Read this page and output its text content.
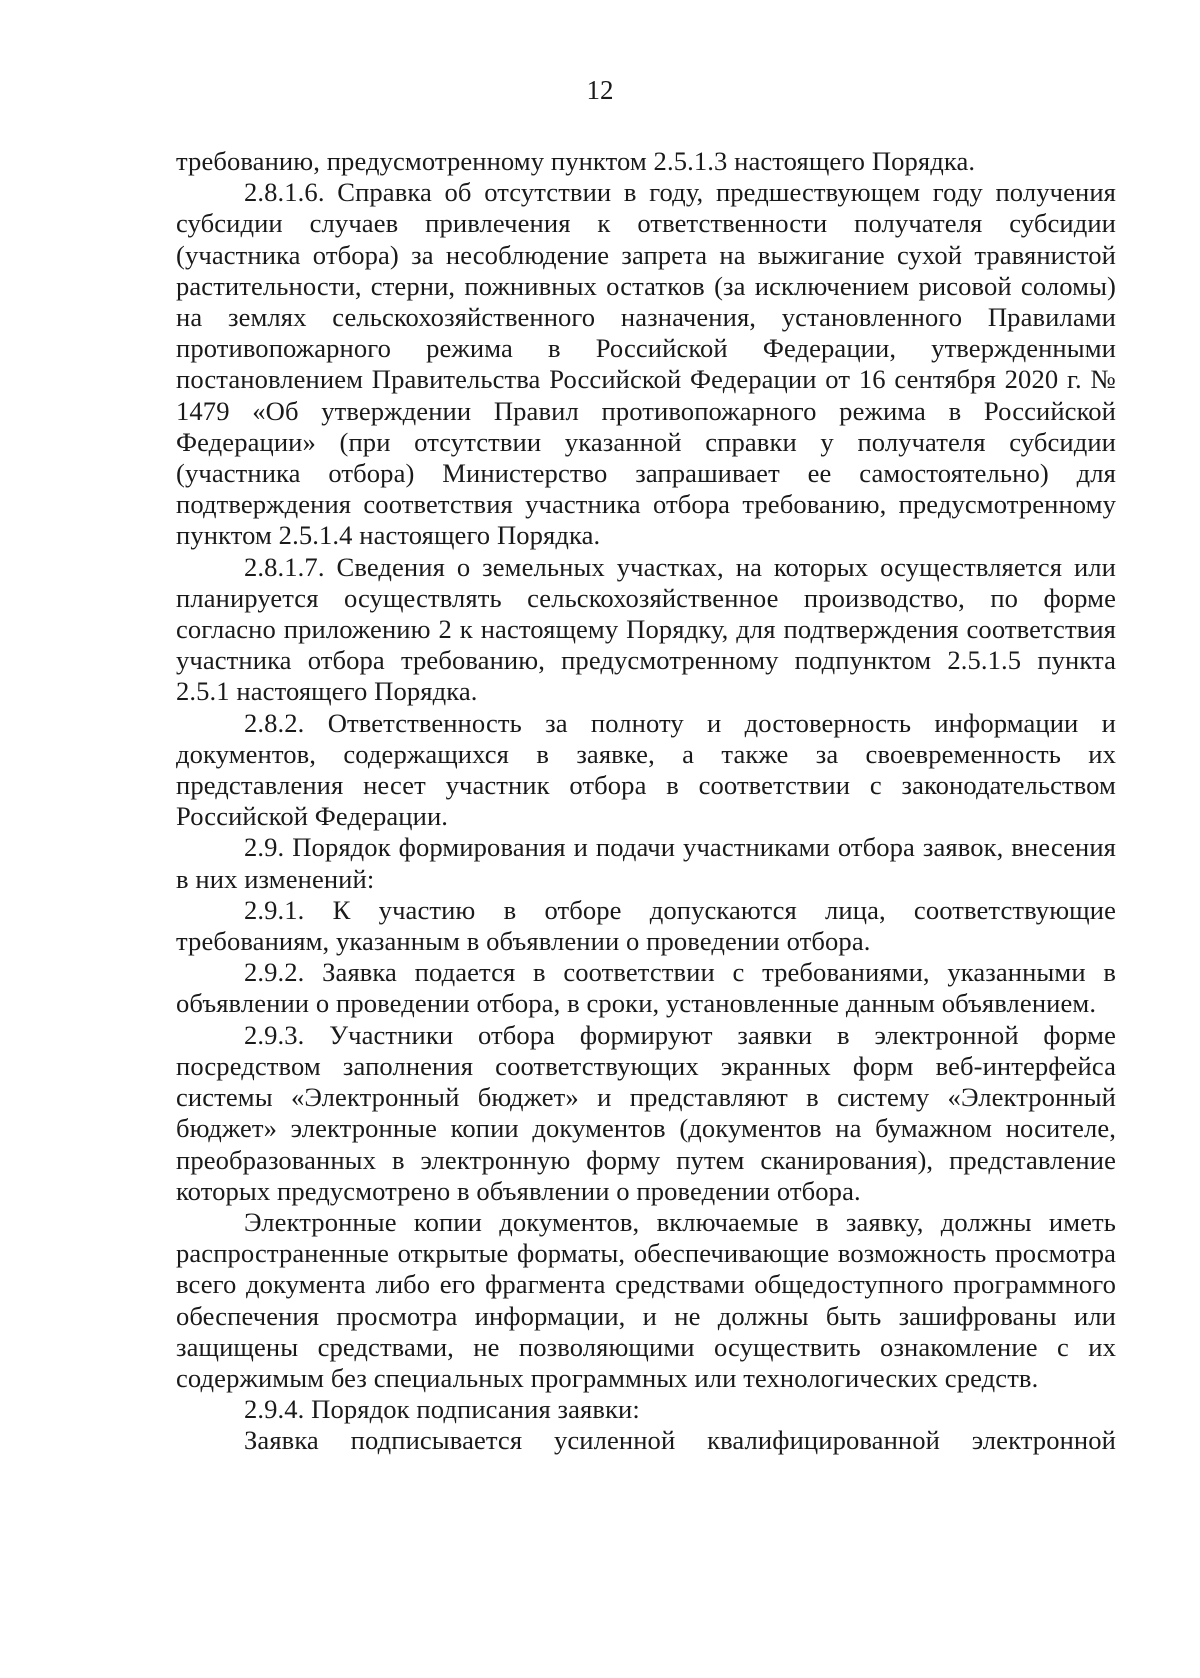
12

требованию, предусмотренному пунктом 2.5.1.3 настоящего Порядка.

2.8.1.6. Справка об отсутствии в году, предшествующем году получения субсидии случаев привлечения к ответственности получателя субсидии (участника отбора) за несоблюдение запрета на выжигание сухой травянистой растительности, стерни, пожнивных остатков (за исключением рисовой соломы) на землях сельскохозяйственного назначения, установленного Правилами противопожарного режима в Российской Федерации, утвержденными постановлением Правительства Российской Федерации от 16 сентября 2020 г. № 1479 «Об утверждении Правил противопожарного режима в Российской Федерации» (при отсутствии указанной справки у получателя субсидии (участника отбора) Министерство запрашивает ее самостоятельно) для подтверждения соответствия участника отбора требованию, предусмотренному пунктом 2.5.1.4 настоящего Порядка.

2.8.1.7. Сведения о земельных участках, на которых осуществляется или планируется осуществлять сельскохозяйственное производство, по форме согласно приложению 2 к настоящему Порядку, для подтверждения соответствия участника отбора требованию, предусмотренному подпунктом 2.5.1.5 пункта 2.5.1 настоящего Порядка.

2.8.2. Ответственность за полноту и достоверность информации и документов, содержащихся в заявке, а также за своевременность их представления несет участник отбора в соответствии с законодательством Российской Федерации.

2.9. Порядок формирования и подачи участниками отбора заявок, внесения в них изменений:

2.9.1. К участию в отборе допускаются лица, соответствующие требованиям, указанным в объявлении о проведении отбора.

2.9.2. Заявка подается в соответствии с требованиями, указанными в объявлении о проведении отбора, в сроки, установленные данным объявлением.

2.9.3. Участники отбора формируют заявки в электронной форме посредством заполнения соответствующих экранных форм веб-интерфейса системы «Электронный бюджет» и представляют в систему «Электронный бюджет» электронные копии документов (документов на бумажном носителе, преобразованных в электронную форму путем сканирования), представление которых предусмотрено в объявлении о проведении отбора.

Электронные копии документов, включаемые в заявку, должны иметь распространенные открытые форматы, обеспечивающие возможность просмотра всего документа либо его фрагмента средствами общедоступного программного обеспечения просмотра информации, и не должны быть зашифрованы или защищены средствами, не позволяющими осуществить ознакомление с их содержимым без специальных программных или технологических средств.

2.9.4. Порядок подписания заявки:

Заявка подписывается усиленной квалифицированной электронной
